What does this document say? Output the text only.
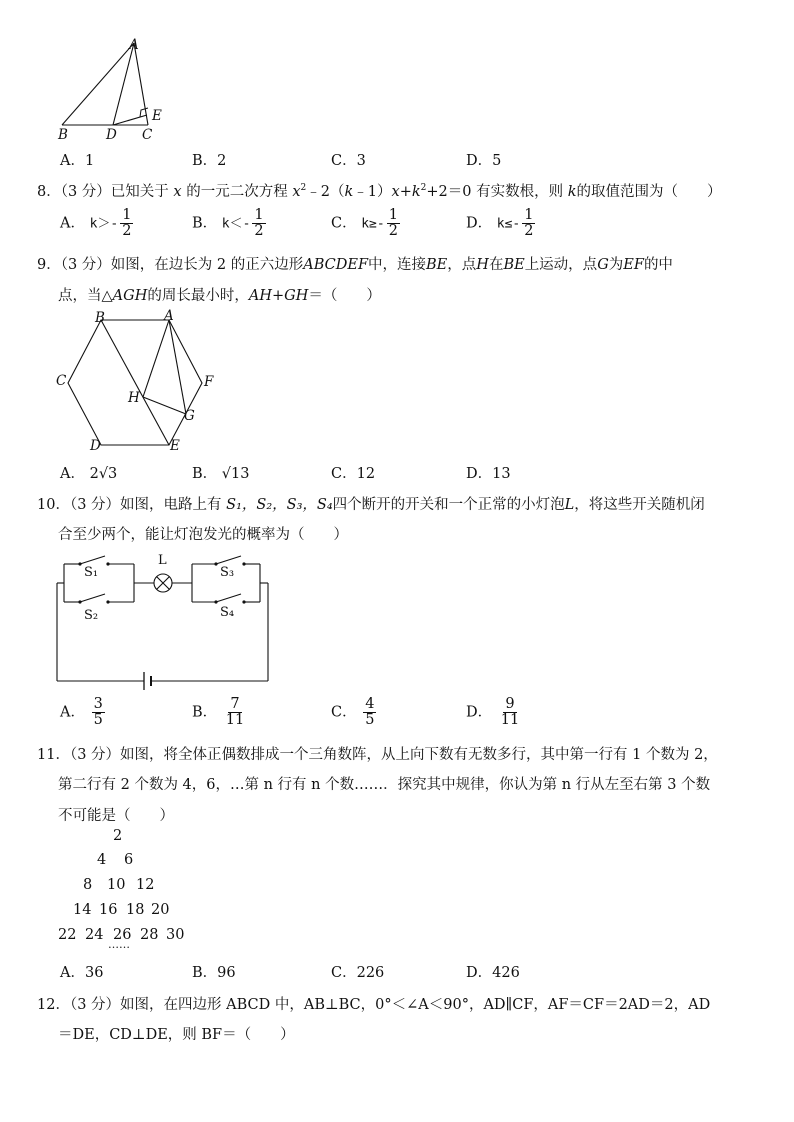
A
B	D C
E
A．1	B．2	C．3	D．5
8．（3 分）已知关于 x 的一元二次方程 $x^2﹣2(k﹣1)x+k^2+2=0$ 有实数根，则 k的取值范围为（　　）
A． $k>- \frac{1}{2}$	B． $k<- \frac{1}{2}$	C． $k\ge- \frac{1}{2}$	D． $k\le- \frac{1}{2}$
9．（3 分）如图，在边长为 2 的正六边形ABCDEF中，连接BE，点H在BE上运动，点G为EF的中
点，当△AGH的周长最小时，AH+GH＝（　　）
B	A
C	F
H
G
D	E
A． 2√3	B． √13	C．12	D．13
10．（3 分）如图，电路上有 S₁，S₂，S₃，S₄四个断开的开关和一个正常的小灯泡L，将这些开关随机闭
合至少两个，能让灯泡发光的概率为（　　）
S₁
S₂
L
S₃
S₄
A． $\frac{3}{5}$	B． $\frac{7}{11}$	C． $\frac{4}{5}$	D． $\frac{9}{11}$
11．（3 分）如图，将全体正偶数排成一个三角数阵，从上向下数有无数多行，其中第一行有 1 个数为 2，
第二行有 2 个数为 4，6，…第 n 行有 n 个数……．探究其中规律，你认为第 n 行从左至右第 3 个数
不可能是（　　）
2
4 6
8 10 12
14 16 18 20
22 24 26 28 30
……
A．36	B．96	C．226	D．426
12．（3 分）如图，在四边形 ABCD 中，AB⊥BC，0°＜∠A＜90°，AD∥CF，AF＝CF＝2AD＝2，AD
＝DE，CD⊥DE，则 BF＝（　　）
